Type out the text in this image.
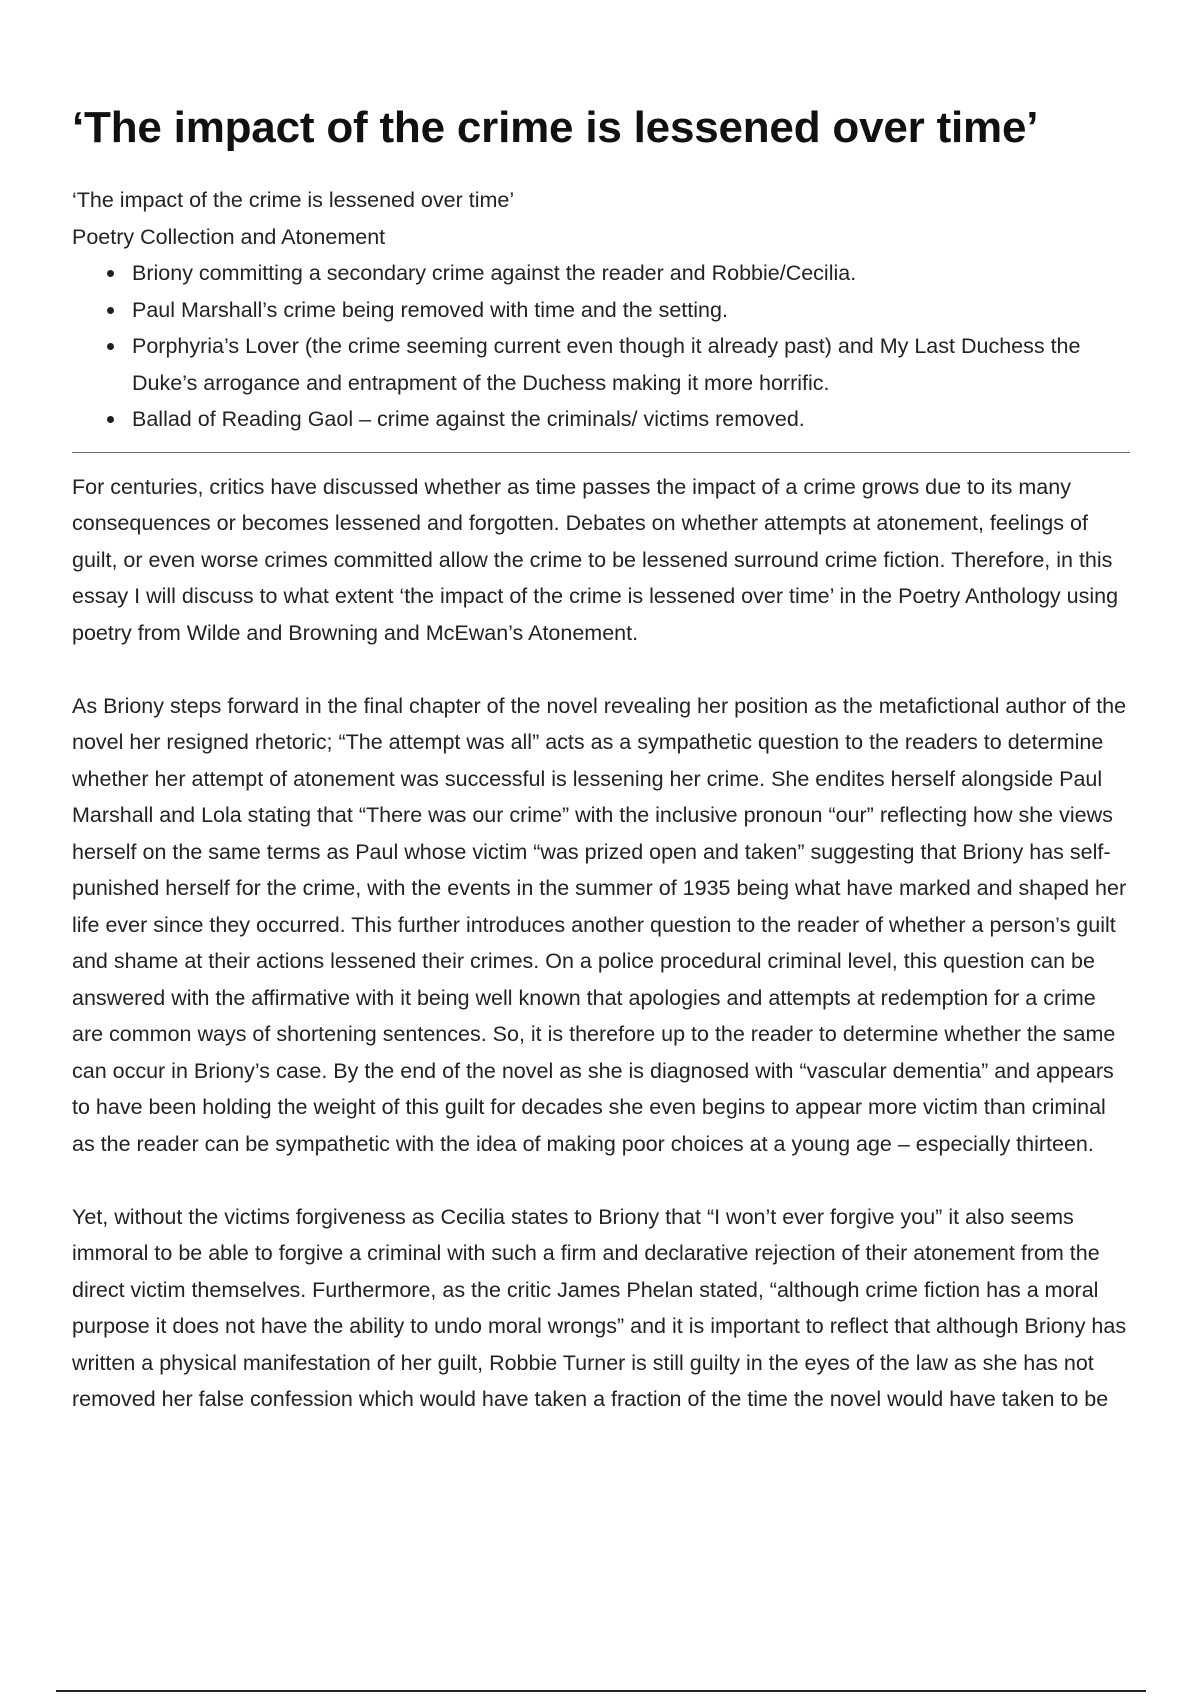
‘The impact of the crime is lessened over time’
‘The impact of the crime is lessened over time’
Poetry Collection and Atonement
Briony committing a secondary crime against the reader and Robbie/Cecilia.
Paul Marshall’s crime being removed with time and the setting.
Porphyria’s Lover (the crime seeming current even though it already past) and My Last Duchess the Duke’s arrogance and entrapment of the Duchess making it more horrific.
Ballad of Reading Gaol – crime against the criminals/ victims removed.

For centuries, critics have discussed whether as time passes the impact of a crime grows due to its many consequences or becomes lessened and forgotten. Debates on whether attempts at atonement, feelings of guilt, or even worse crimes committed allow the crime to be lessened surround crime fiction. Therefore, in this essay I will discuss to what extent ‘the impact of the crime is lessened over time’ in the Poetry Anthology using poetry from Wilde and Browning and McEwan’s Atonement.

As Briony steps forward in the final chapter of the novel revealing her position as the metafictional author of the novel her resigned rhetoric; “The attempt was all” acts as a sympathetic question to the readers to determine whether her attempt of atonement was successful is lessening her crime. She endites herself alongside Paul Marshall and Lola stating that “There was our crime” with the inclusive pronoun “our” reflecting how she views herself on the same terms as Paul whose victim “was prized open and taken” suggesting that Briony has self-punished herself for the crime, with the events in the summer of 1935 being what have marked and shaped her life ever since they occurred. This further introduces another question to the reader of whether a person’s guilt and shame at their actions lessened their crimes. On a police procedural criminal level, this question can be answered with the affirmative with it being well known that apologies and attempts at redemption for a crime are common ways of shortening sentences. So, it is therefore up to the reader to determine whether the same can occur in Briony’s case. By the end of the novel as she is diagnosed with “vascular dementia” and appears to have been holding the weight of this guilt for decades she even begins to appear more victim than criminal as the reader can be sympathetic with the idea of making poor choices at a young age – especially thirteen.

Yet, without the victims forgiveness as Cecilia states to Briony that “I won’t ever forgive you” it also seems immoral to be able to forgive a criminal with such a firm and declarative rejection of their atonement from the direct victim themselves. Furthermore, as the critic James Phelan stated, “although crime fiction has a moral purpose it does not have the ability to undo moral wrongs” and it is important to reflect that although Briony has written a physical manifestation of her guilt, Robbie Turner is still guilty in the eyes of the law as she has not removed her false confession which would have taken a fraction of the time the novel would have taken to be
